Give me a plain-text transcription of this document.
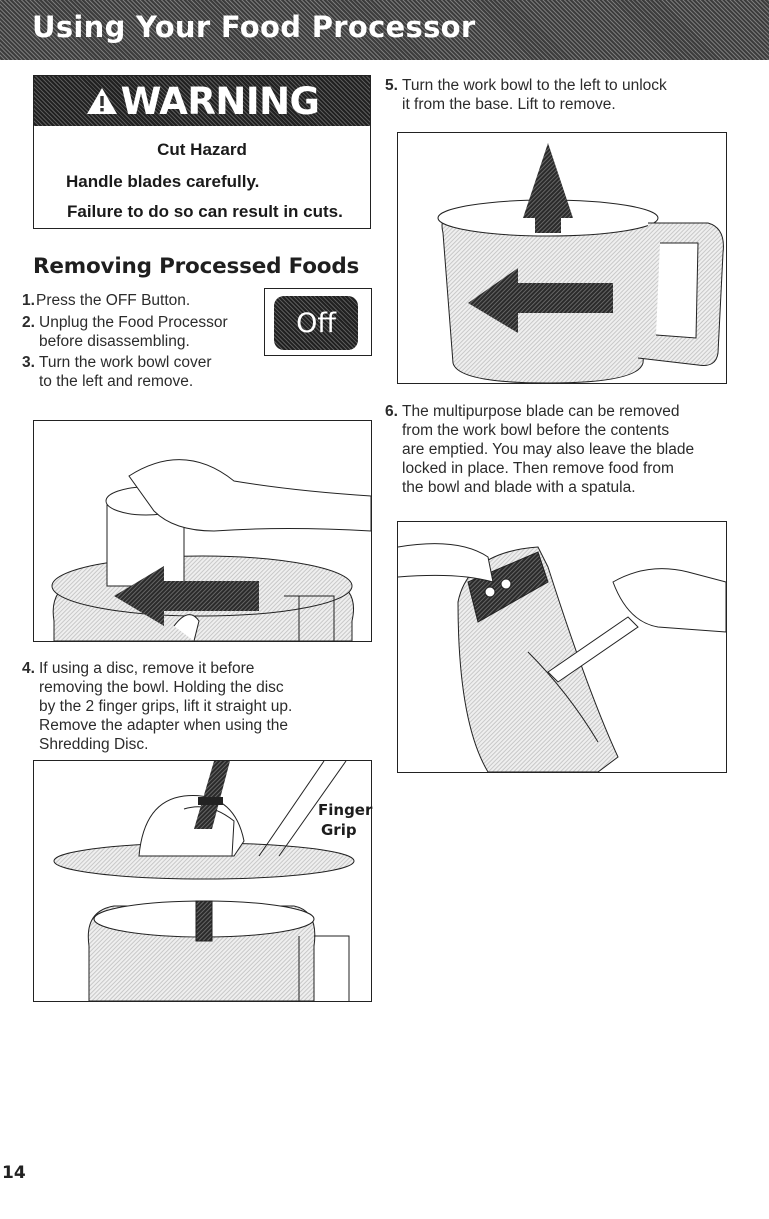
Using Your Food Processor
WARNING
Cut Hazard
Handle blades carefully.
Failure to do so can result in cuts.
Removing Processed Foods
1. Press the OFF Button.
2. Unplug the Food Processor
before disassembling.
3. Turn the work bowl cover
to the left and remove.
Off
4. If using a disc, remove it before
removing the bowl. Holding the disc
by the 2 finger grips, lift it straight up.
Remove the adapter when using the
Shredding Disc.
Finger
Grip
5. Turn the work bowl to the left to unlock
it from the base. Lift to remove.
6. The multipurpose blade can be removed
from the work bowl before the contents
are emptied. You may also leave the blade
locked in place. Then remove food from
the bowl and blade with a spatula.
14
